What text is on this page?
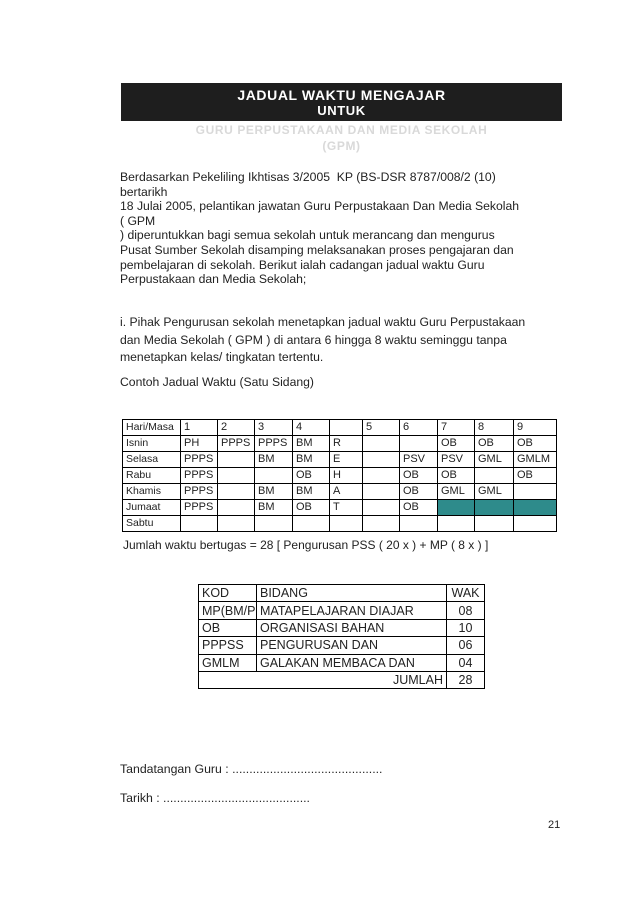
JADUAL WAKTU MENGAJAR
UNTUK
GURU PERPUSTAKAAN DAN MEDIA SEKOLAH
(GPM)

Berdasarkan Pekeliling Ikhtisas 3/2005  KP (BS-DSR 8787/008/2 (10)
bertarikh
18 Julai 2005, pelantikan jawatan Guru Perpustakaan Dan Media Sekolah
( GPM
) diperuntukkan bagi semua sekolah untuk merancang dan mengurus
Pusat Sumber Sekolah disamping melaksanakan proses pengajaran dan
pembelajaran di sekolah. Berikut ialah cadangan jadual waktu Guru
Perpustakaan dan Media Sekolah;

i. Pihak Pengurusan sekolah menetapkan jadual waktu Guru Perpustakaan
dan Media Sekolah ( GPM ) di antara 6 hingga 8 waktu seminggu tanpa
menetapkan kelas/ tingkatan tertentu.

Contoh Jadual Waktu (Satu Sidang)

Hari/Masa	1	2	3	4		5	6	7	8	9
Isnin	PH	PPPS	PPPS	BM	R			OB	OB	OB
Selasa	PPPS		BM	BM	E		PSV	PSV	GML	GMLM
Rabu	PPPS			OB	H		OB	OB		OB
Khamis	PPPS		BM	BM	A		OB	GML	GML	
Jumaat	PPPS		BM	OB	T		OB			
Sabtu										
Jumlah waktu bertugas = 28 [ Pengurusan PSS ( 20 x ) + MP ( 8 x ) ]
KOD	BIDANG	WAK
MP(BM/P	MATAPELAJARAN DIAJAR	08
OB	ORGANISASI BAHAN	10
PPPSS	PENGURUSAN DAN	06
GMLM	GALAKAN MEMBACA DAN	04
JUMLAH		28
Tandatangan Guru : ............................................
Tarikh : ...........................................
21
